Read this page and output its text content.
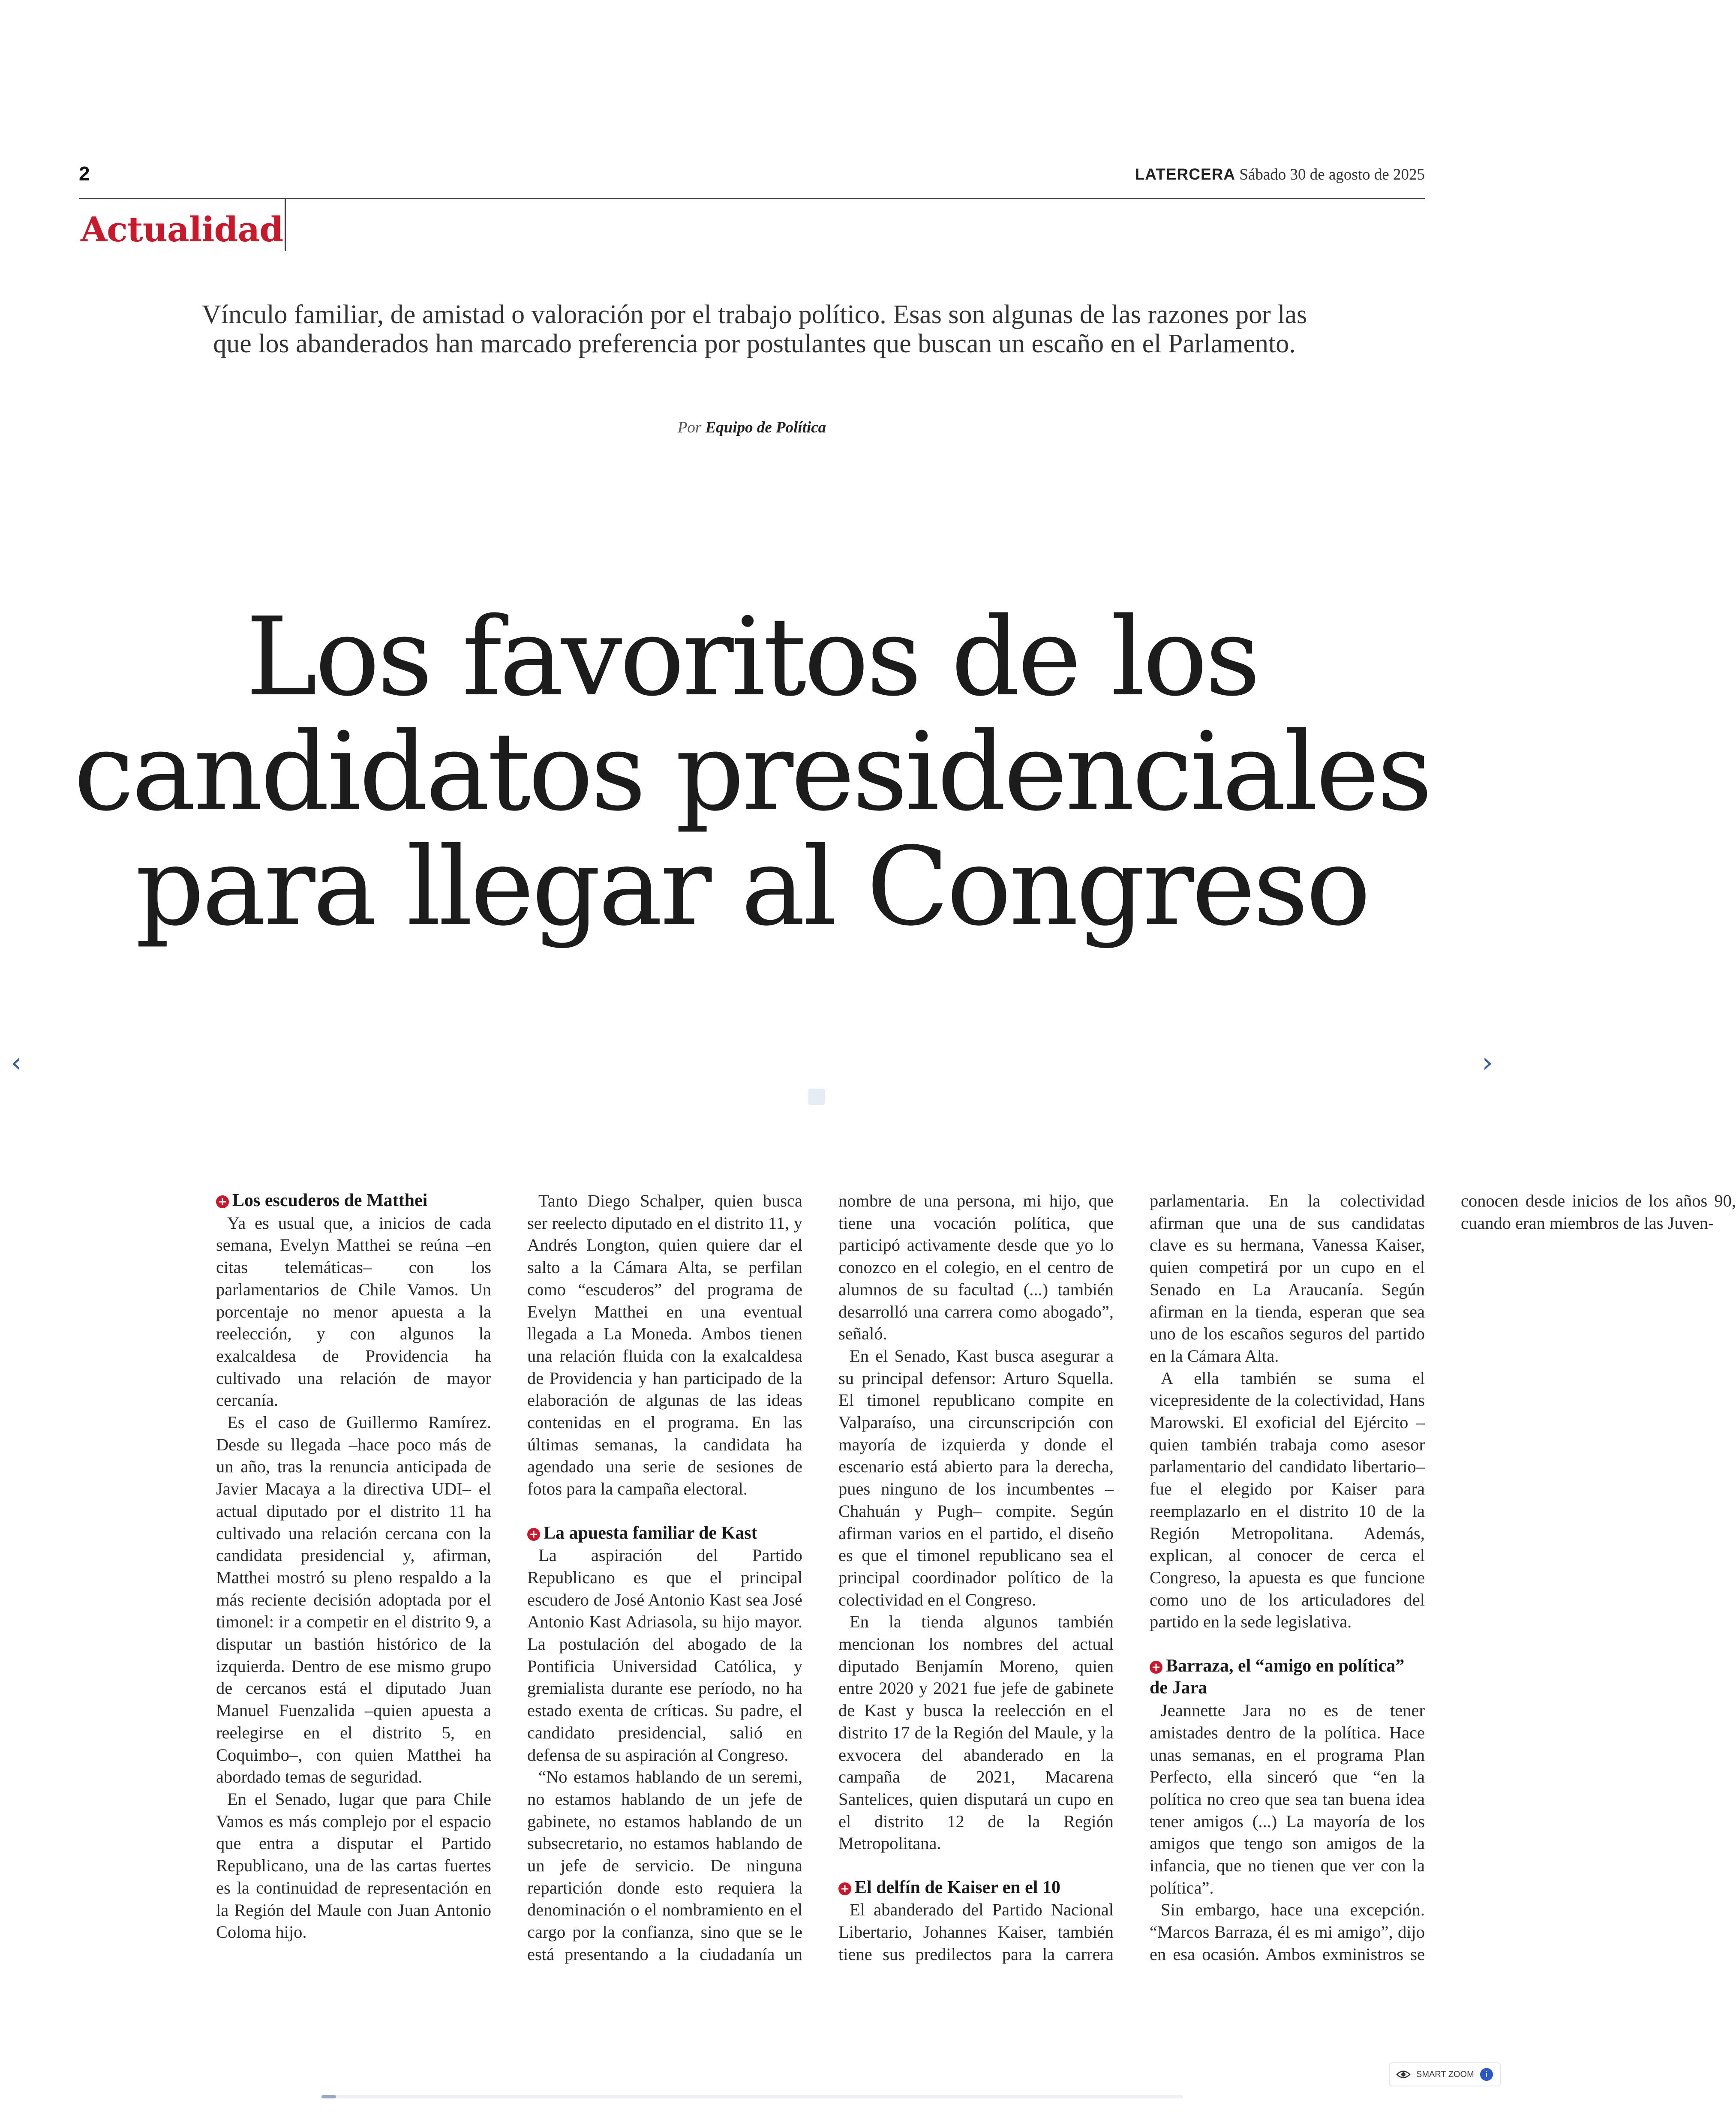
2	LATERCERA Sábado 30 de agosto de 2025
Actualidad
Vínculo familiar, de amistad o valoración por el trabajo político. Esas son algunas de las razones por las que los abanderados han marcado preferencia por postulantes que buscan un escaño en el Parlamento.
Por Equipo de Política
Los favoritos de los candidatos presidenciales para llegar al Congreso
‹	›
+ Los escuderos de Matthei

Ya es usual que, a inicios de cada semana, Evelyn Matthei se reúna –en citas telemáticas– con los parlamentarios de Chile Vamos. Un porcentaje no menor apuesta a la reelección, y con algunos la exalcaldesa de Providencia ha cultivado una relación de mayor cercanía.

Es el caso de Guillermo Ramírez. Desde su llegada –hace poco más de un año, tras la renuncia anticipada de Javier Macaya a la directiva UDI– el actual diputado por el distrito 11 ha cultivado una relación cercana con la candidata presidencial y, afirman, Matthei mostró su pleno respaldo a la más reciente decisión adoptada por el timonel: ir a competir en el distrito 9, a disputar un bastión histórico de la izquierda. Dentro de ese mismo grupo de cercanos está el diputado Juan Manuel Fuenzalida –quien apuesta a reelegirse en el distrito 5, en Coquimbo–, con quien Matthei ha abordado temas de seguridad.

En el Senado, lugar que para Chile Vamos es más complejo por el espacio que entra a disputar el Partido Republicano, una de las cartas fuertes es la continuidad de representación en la Región del Maule con Juan Antonio Coloma hijo.

Tanto Diego Schalper, quien busca ser reelecto diputado en el distrito 11, y Andrés Longton, quien quiere dar el salto a la Cámara Alta, se perfilan como “escuderos” del programa de Evelyn Matthei en una eventual llegada a La Moneda. Ambos tienen una relación fluida con la exalcaldesa de Providencia y han participado de la elaboración de algunas de las ideas contenidas en el programa. En las últimas semanas, la candidata ha agendado una serie de sesiones de fotos para la campaña electoral.

+ La apuesta familiar de Kast

La aspiración del Partido Republicano es que el principal escudero de José Antonio Kast sea José Antonio Kast Adriasola, su hijo mayor. La postulación del abogado de la Pontificia Universidad Católica, y gremialista durante ese período, no ha estado exenta de críticas. Su padre, el candidato presidencial, salió en defensa de su aspiración al Congreso.

“No estamos hablando de un seremi, no estamos hablando de un jefe de gabinete, no estamos hablando de un subsecretario, no estamos hablando de un jefe de servicio. De ninguna repartición donde esto requiera la denominación o el nombramiento en el cargo por la confianza, sino que se le está presentando a la ciudadanía un nombre de una persona, mi hijo, que tiene una vocación política, que participó activamente desde que yo lo conozco en el colegio, en el centro de alumnos de su facultad (...) también desarrolló una carrera como abogado”, señaló.

En el Senado, Kast busca asegurar a su principal defensor: Arturo Squella. El timonel republicano compite en Valparaíso, una circunscripción con mayoría de izquierda y donde el escenario está abierto para la derecha, pues ninguno de los incumbentes –Chahuán y Pugh– compite. Según afirman varios en el partido, el diseño es que el timonel republicano sea el principal coordinador político de la colectividad en el Congreso.

En la tienda algunos también mencionan los nombres del actual diputado Benjamín Moreno, quien entre 2020 y 2021 fue jefe de gabinete de Kast y busca la reelección en el distrito 17 de la Región del Maule, y la exvocera del abanderado en la campaña de 2021, Macarena Santelices, quien disputará un cupo en el distrito 12 de la Región Metropolitana.

+ El delfín de Kaiser en el 10

El abanderado del Partido Nacional Libertario, Johannes Kaiser, también tiene sus predilectos para la carrera parlamentaria. En la colectividad afirman que una de sus candidatas clave es su hermana, Vanessa Kaiser, quien competirá por un cupo en el Senado en La Araucanía. Según afirman en la tienda, esperan que sea uno de los escaños seguros del partido en la Cámara Alta.

A ella también se suma el vicepresidente de la colectividad, Hans Marowski. El exoficial del Ejército –quien también trabaja como asesor parlamentario del candidato libertario– fue el elegido por Kaiser para reemplazarlo en el distrito 10 de la Región Metropolitana. Además, explican, al conocer de cerca el Congreso, la apuesta es que funcione como uno de los articuladores del partido en la sede legislativa.

+ Barraza, el “amigo en política” de Jara

Jeannette Jara no es de tener amistades dentro de la política. Hace unas semanas, en el programa Plan Perfecto, ella sinceró que “en la política no creo que sea tan buena idea tener amigos (...) La mayoría de los amigos que tengo son amigos de la infancia, que no tienen que ver con la política”.

Sin embargo, hace una excepción. “Marcos Barraza, él es mi amigo”, dijo en esa ocasión. Ambos exministros se conocen desde inicios de los años 90, cuando eran miembros de las Juven-

SMART ZOOM	i
